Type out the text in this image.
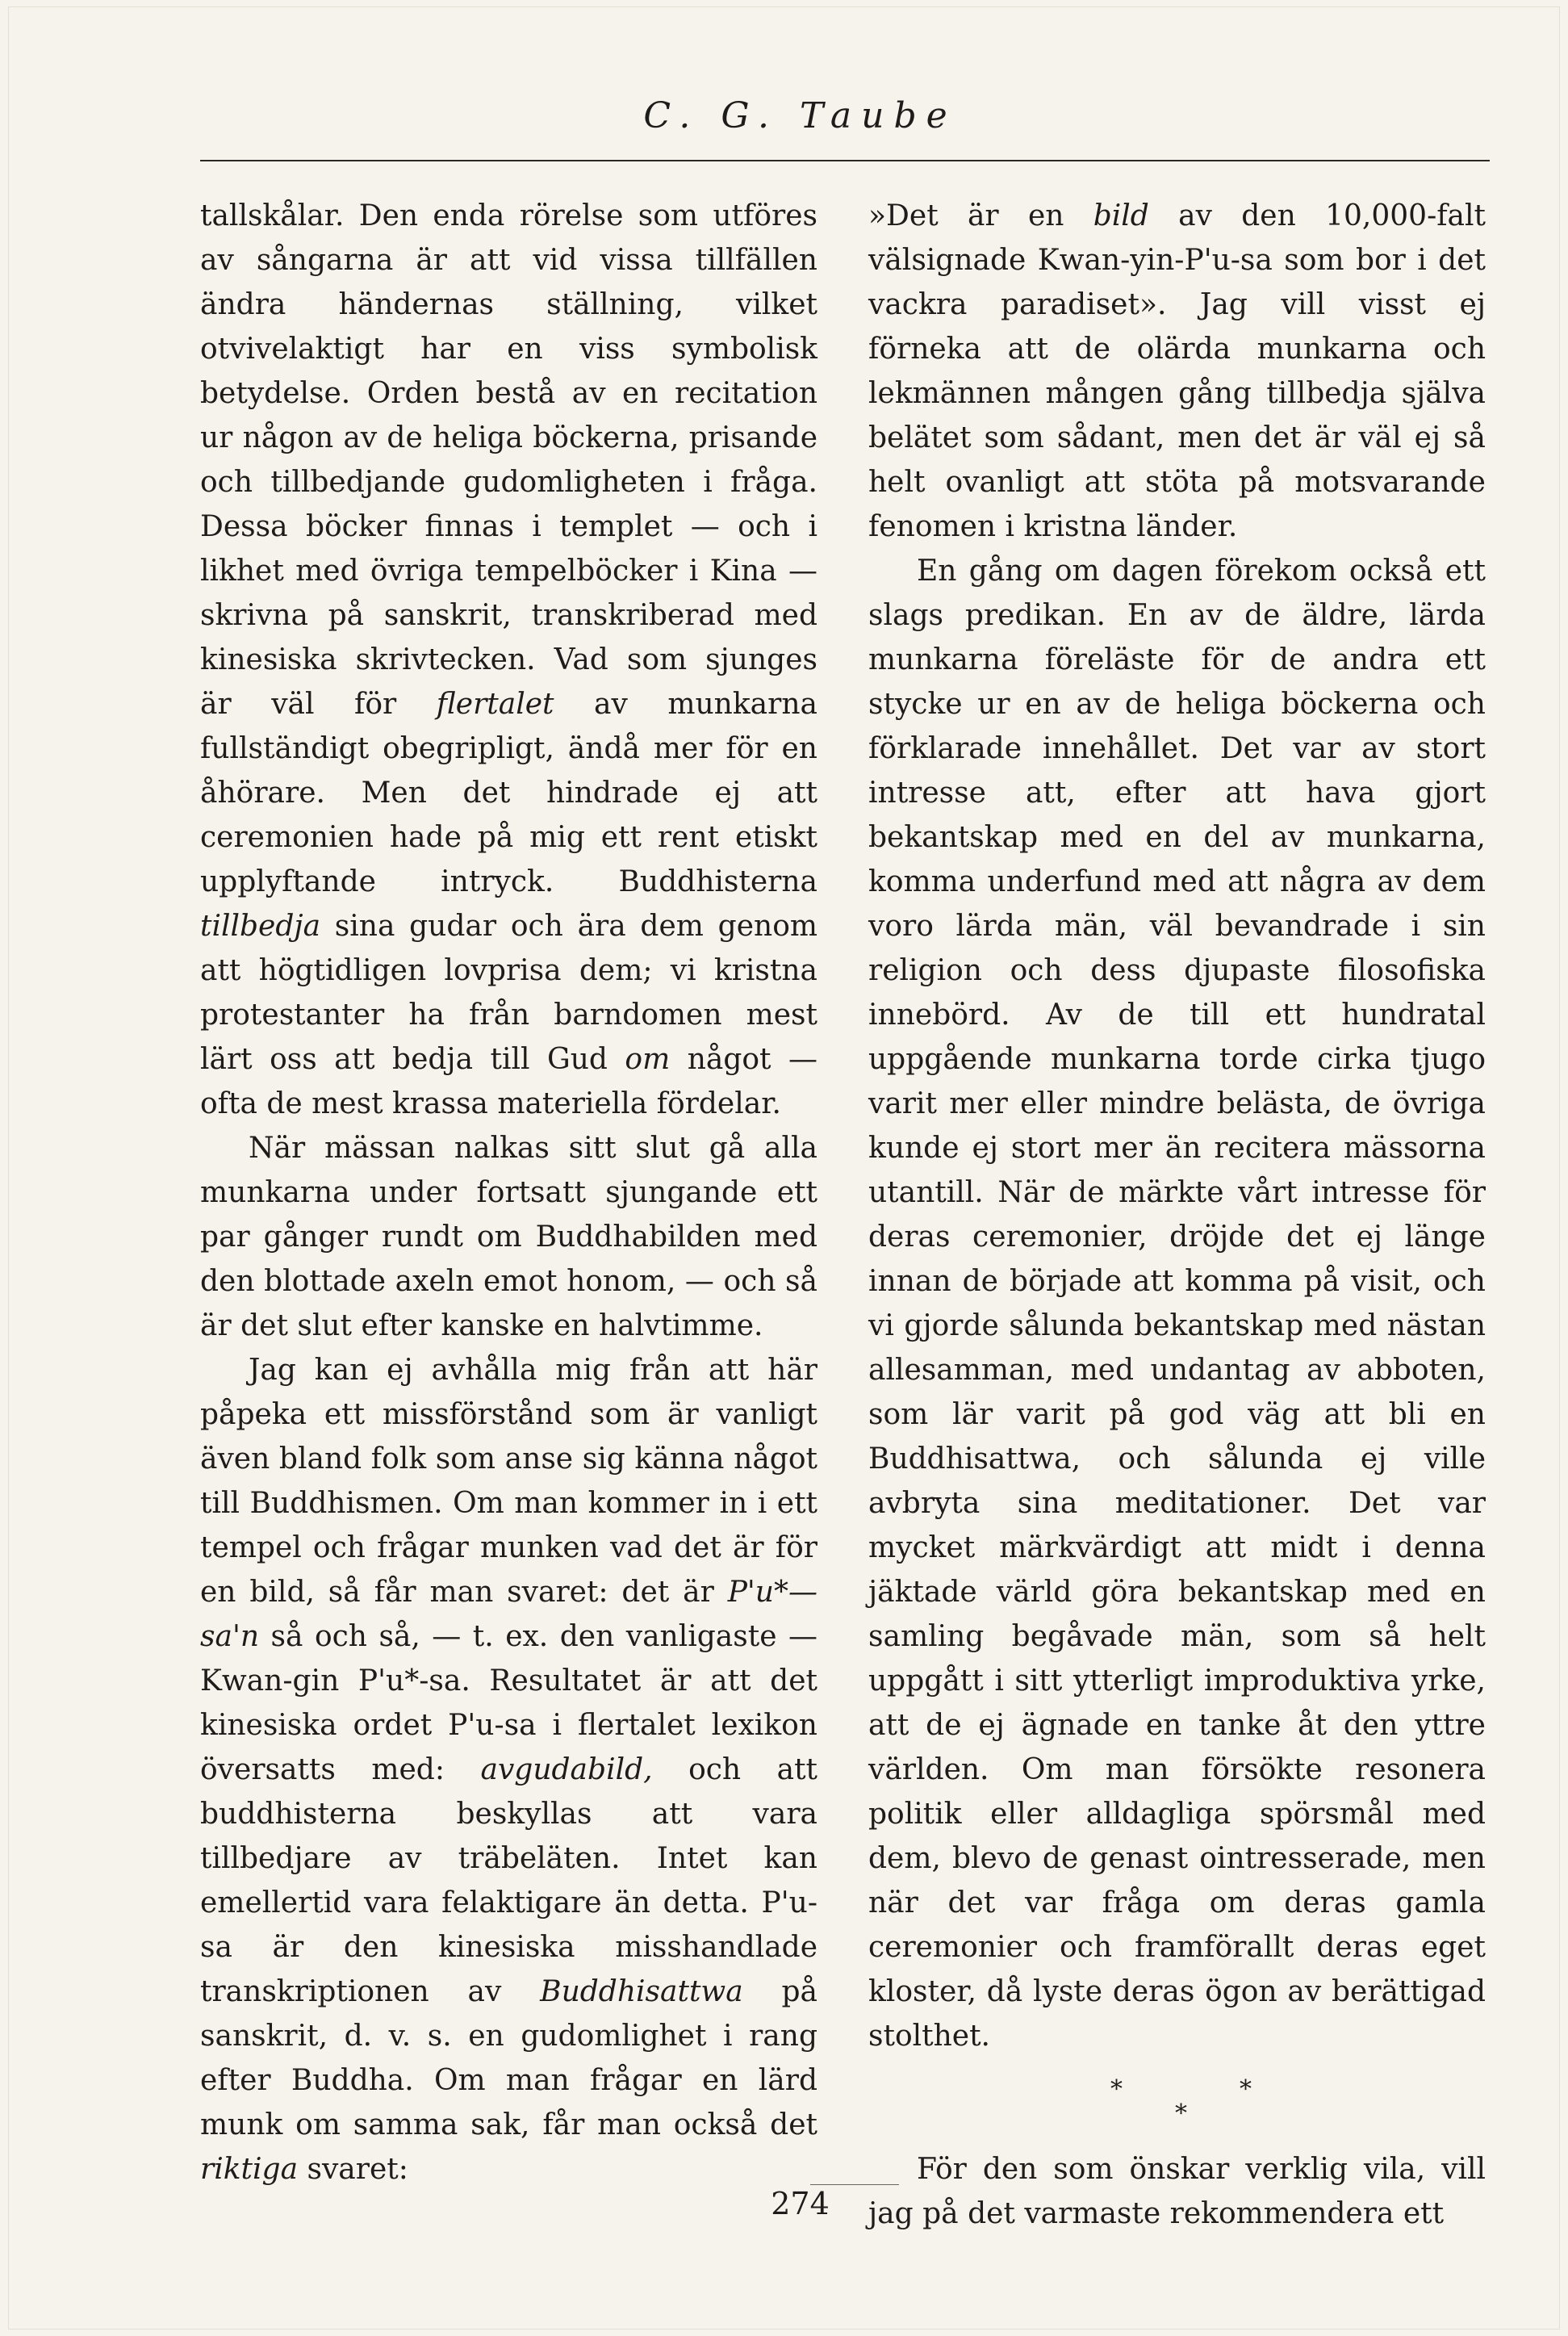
C. G. Taube

tallskålar. Den enda rörelse som utföres av sångarna är att vid vissa tillfällen ändra händernas ställning, vilket otvivelaktigt har en viss symbolisk betydelse. Orden bestå av en recitation ur någon av de heliga böckerna, prisande och tillbedjande gudomligheten i fråga. Dessa böcker finnas i templet — och i likhet med övriga tempelböcker i Kina — skrivna på sanskrit, transkriberad med kinesiska skrivtecken. Vad som sjunges är väl för flertalet av munkarna fullständigt obegripligt, ändå mer för en åhörare. Men det hindrade ej att ceremonien hade på mig ett rent etiskt upplyftande intryck. Buddhisterna tillbedja sina gudar och ära dem genom att högtidligen lovprisa dem; vi kristna protestanter ha från barndomen mest lärt oss att bedja till Gud om något — ofta de mest krassa materiella fördelar.

När mässan nalkas sitt slut gå alla munkarna under fortsatt sjungande ett par gånger rundt om Buddhabilden med den blottade axeln emot honom, — och så är det slut efter kanske en halvtimme.

Jag kan ej avhålla mig från att här påpeka ett missförstånd som är vanligt även bland folk som anse sig känna något till Buddhismen. Om man kommer in i ett tempel och frågar munken vad det är för en bild, så får man svaret: det är P'u*—sa'n så och så, — t. ex. den vanligaste — Kwan-gin P'u*-sa. Resultatet är att det kinesiska ordet P'u-sa i flertalet lexikon översatts med: avgudabild, och att buddhisterna beskyllas att vara tillbedjare av träbeläten. Intet kan emellertid vara felaktigare än detta. P'u-sa är den kinesiska misshandlade transkriptionen av Buddhisattwa på sanskrit, d. v. s. en gudomlighet i rang efter Buddha. Om man frågar en lärd munk om samma sak, får man också det riktiga svaret:

»Det är en bild av den 10,000-falt välsignade Kwan-yin-P'u-sa som bor i det vackra paradiset». Jag vill visst ej förneka att de olärda munkarna och lekmännen mången gång tillbedja själva belätet som sådant, men det är väl ej så helt ovanligt att stöta på motsvarande fenomen i kristna länder.

En gång om dagen förekom också ett slags predikan. En av de äldre, lärda munkarna föreläste för de andra ett stycke ur en av de heliga böckerna och förklarade innehållet. Det var av stort intresse att, efter att hava gjort bekantskap med en del av munkarna, komma underfund med att några av dem voro lärda män, väl bevandrade i sin religion och dess djupaste filosofiska innebörd. Av de till ett hundratal uppgående munkarna torde cirka tjugo varit mer eller mindre belästa, de övriga kunde ej stort mer än recitera mässorna utantill. När de märkte vårt intresse för deras ceremonier, dröjde det ej länge innan de började att komma på visit, och vi gjorde sålunda bekantskap med nästan allesamman, med undantag av abboten, som lär varit på god väg att bli en Buddhisattwa, och sålunda ej ville avbryta sina meditationer. Det var mycket märkvärdigt att midt i denna jäktade värld göra bekantskap med en samling begåvade män, som så helt uppgått i sitt ytterligt improduktiva yrke, att de ej ägnade en tanke åt den yttre världen. Om man försökte resonera politik eller alldagliga spörsmål med dem, blevo de genast ointresserade, men när det var fråga om deras gamla ceremonier och framförallt deras eget kloster, då lyste deras ögon av berättigad stolthet.

*
*
*

För den som önskar verklig vila, vill jag på det varmaste rekommendera ett

274
